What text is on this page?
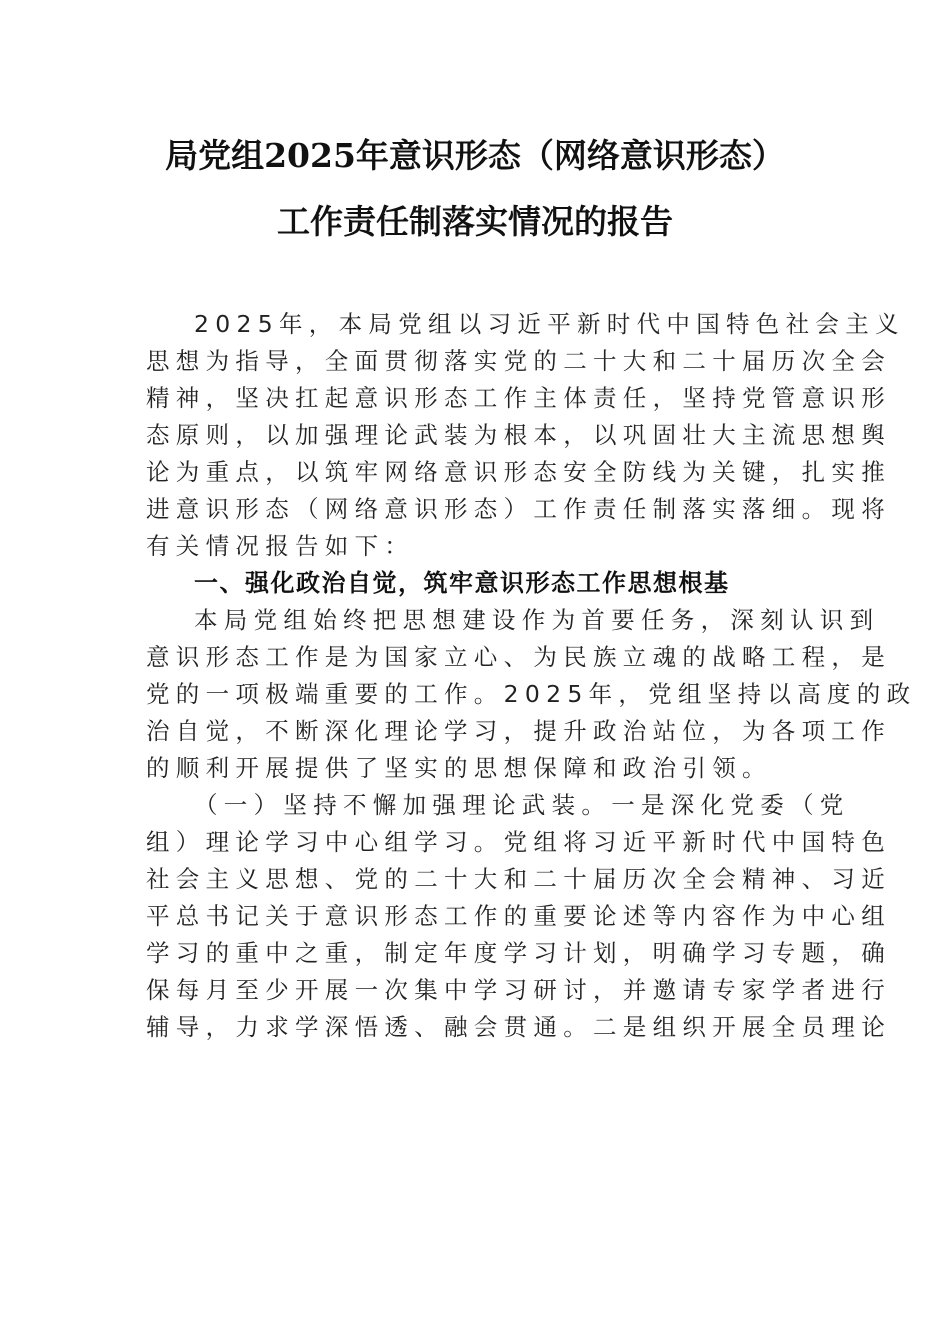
局党组2025年意识形态（网络意识形态）
工作责任制落实情况的报告
2025年，本局党组以习近平新时代中国特色社会主义
思想为指导，全面贯彻落实党的二十大和二十届历次全会
精神，坚决扛起意识形态工作主体责任，坚持党管意识形
态原则，以加强理论武装为根本，以巩固壮大主流思想舆
论为重点，以筑牢网络意识形态安全防线为关键，扎实推
进意识形态（网络意识形态）工作责任制落实落细。现将
有关情况报告如下：
一、强化政治自觉，筑牢意识形态工作思想根基
本局党组始终把思想建设作为首要任务，深刻认识到
意识形态工作是为国家立心、为民族立魂的战略工程，是
党的一项极端重要的工作。2025年，党组坚持以高度的政
治自觉，不断深化理论学习，提升政治站位，为各项工作
的顺利开展提供了坚实的思想保障和政治引领。
（一）坚持不懈加强理论武装。一是深化党委（党
组）理论学习中心组学习。党组将习近平新时代中国特色
社会主义思想、党的二十大和二十届历次全会精神、习近
平总书记关于意识形态工作的重要论述等内容作为中心组
学习的重中之重，制定年度学习计划，明确学习专题，确
保每月至少开展一次集中学习研讨，并邀请专家学者进行
辅导，力求学深悟透、融会贯通。二是组织开展全员理论
